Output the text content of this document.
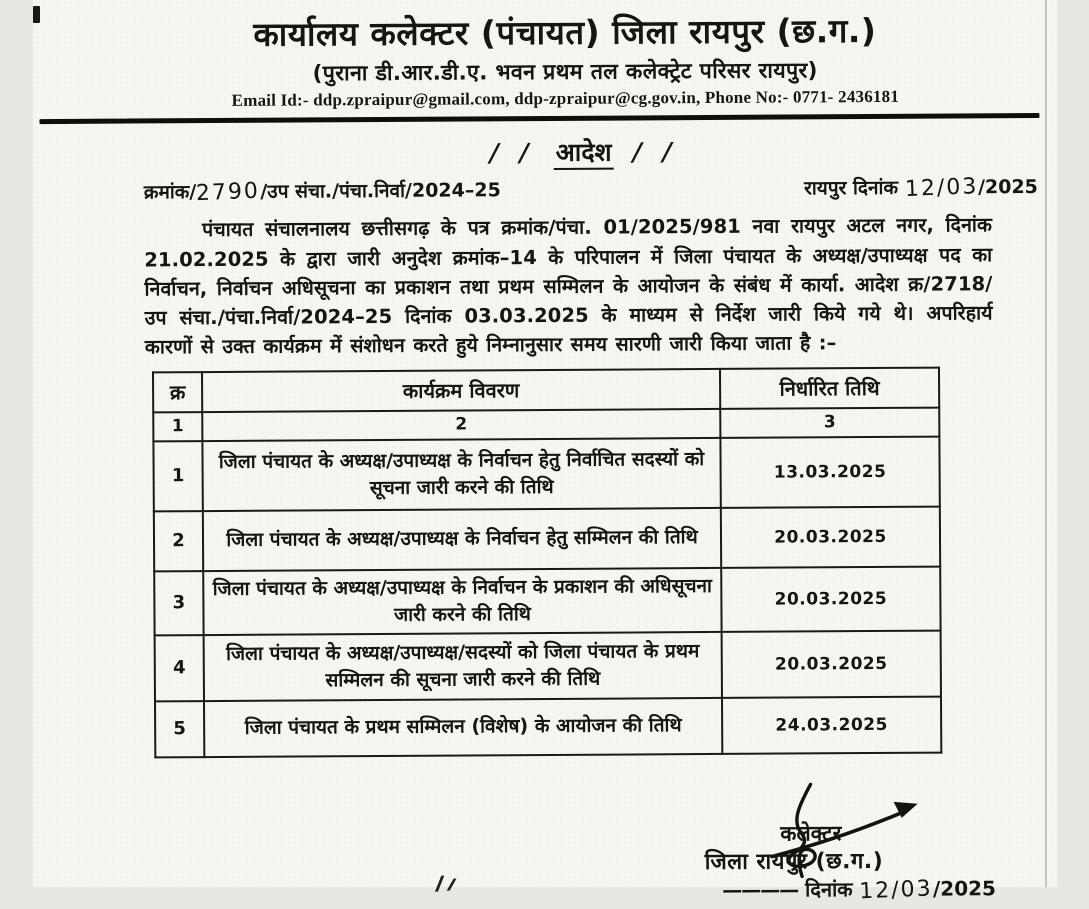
कार्यालय कलेक्टर (पंचायत) जिला रायपुर (छ.ग.)
(पुराना डी.आर.डी.ए. भवन प्रथम तल कलेक्ट्रेट परिसर रायपुर)
Email Id:- ddp.zpraipur@gmail.com, ddp-zpraipur@cg.gov.in, Phone No:- 0771- 2436181
/ / आदेश / /
क्रमांक/2790/उप संचा./पंचा.निर्वा/2024–25	रायपुर दिनांक 12/03/2025

पंचायत संचालनालय छत्तीसगढ़ के पत्र क्रमांक/पंचा. 01/2025/981 नवा रायपुर अटल नगर, दिनांक 21.02.2025 के द्वारा जारी अनुदेश क्रमांक–14 के परिपालन में जिला पंचायत के अध्यक्ष/उपाध्यक्ष पद का निर्वाचन, निर्वाचन अधिसूचना का प्रकाशन तथा प्रथम सम्मिलन के आयोजन के संबंध में कार्या. आदेश क्र/2718/उप संचा./पंचा.निर्वा/2024–25 दिनांक 03.03.2025 के माध्यम से निर्देश जारी किये गये थे। अपरिहार्य कारणों से उक्त कार्यक्रम में संशोधन करते हुये निम्नानुसार समय सारणी जारी किया जाता है :–

क्र	कार्यक्रम विवरण	निर्धारित तिथि
1	2	3
1	जिला पंचायत के अध्यक्ष/उपाध्यक्ष के निर्वाचन हेतु निर्वाचित सदस्यों को सूचना जारी करने की तिथि	13.03.2025
2	जिला पंचायत के अध्यक्ष/उपाध्यक्ष के निर्वाचन हेतु सम्मिलन की तिथि	20.03.2025
3	जिला पंचायत के अध्यक्ष/उपाध्यक्ष के निर्वाचन के प्रकाशन की अधिसूचना जारी करने की तिथि	20.03.2025
4	जिला पंचायत के अध्यक्ष/उपाध्यक्ष/सदस्यों को जिला पंचायत के प्रथम सम्मिलन की सूचना जारी करने की तिथि	20.03.2025
5	जिला पंचायत के प्रथम सम्मिलन (विशेष) के आयोजन की तिथि	24.03.2025
कलेक्टर
जिला रायपुर (छ.ग.)
———— दिनांक 12/03/2025
